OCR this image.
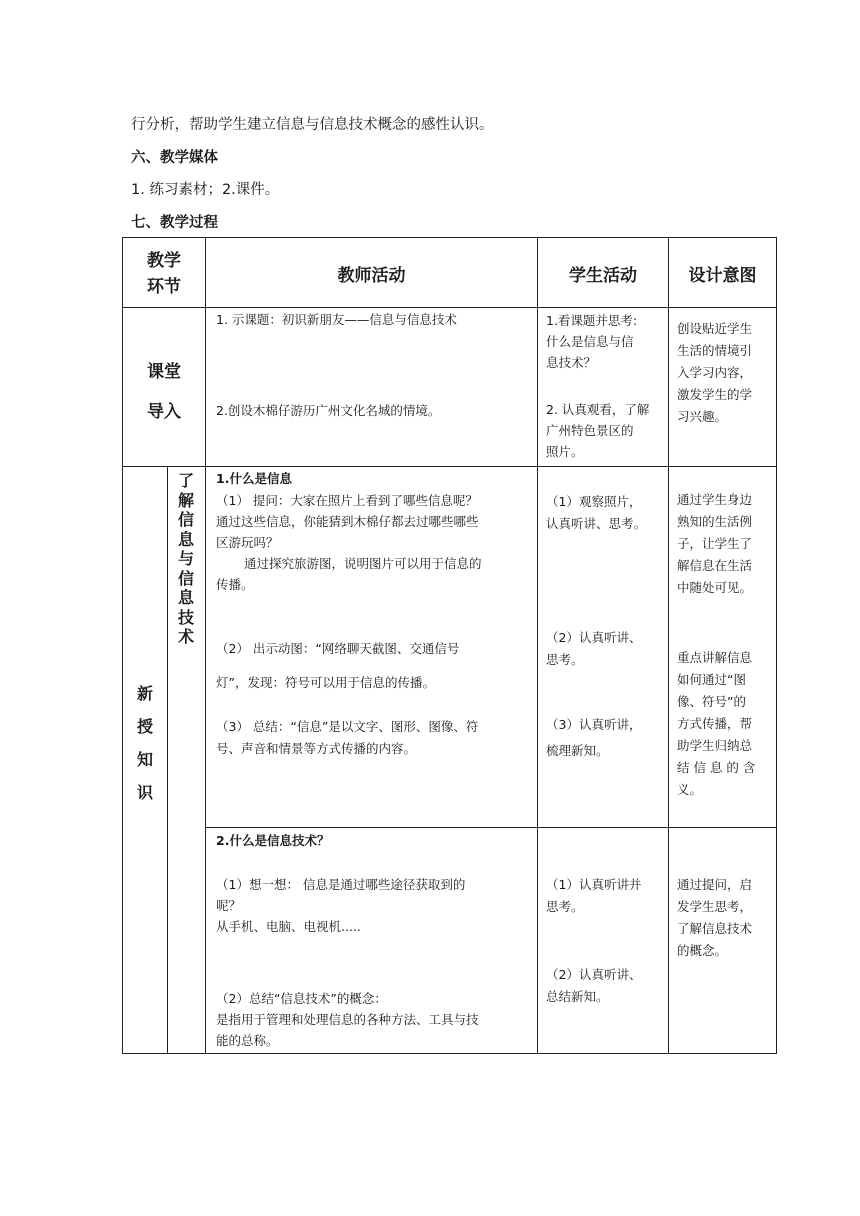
行分析，帮助学生建立信息与信息技术概念的感性认识。
六、教学媒体
1. 练习素材；2.课件。
七、教学过程
教学
环节
教师活动	学生活动	设计意图
课堂
导入
1. 示课题：初识新朋友——信息与信息技术
2.创设木棉仔游历广州文化名城的情境。
1.看课题并思考:
什么是信息与信
息技术？
2. 认真观看，了解
广州特色景区的
照片。
创设贴近学生
生活的情境引
入学习内容，
激发学生的学
习兴趣。
新
授
知
识
了
解
信
息
与
信
息
技
术
1.什么是信息
（1） 提问：大家在照片上看到了哪些信息呢？
通过这些信息，你能猜到木棉仔都去过哪些哪些
区游玩吗？
通过探究旅游图，说明图片可以用于信息的
传播。
（2） 出示动图：“网络聊天截图、交通信号
灯”，发现：符号可以用于信息的传播。
（3） 总结：“信息”是以文字、图形、图像、符
号、声音和情景等方式传播的内容。
（1）观察照片，
认真听讲、思考。
（2）认真听讲、
思考。
（3）认真听讲，
梳理新知。
通过学生身边
熟知的生活例
子，让学生了
解信息在生活
中随处可见。
重点讲解信息
如何通过“图
像、符号”的
方式传播，帮
助学生归纳总
结 信 息 的 含
义。
2.什么是信息技术？
（1）想一想： 信息是通过哪些途径获取到的
呢？
从手机、电脑、电视机.....
（2）总结“信息技术”的概念：
是指用于管理和处理信息的各种方法、工具与技
能的总称。
（1）认真听讲并
思考。
（2）认真听讲、
总结新知。
通过提问，启
发学生思考，
了解信息技术
的概念。
